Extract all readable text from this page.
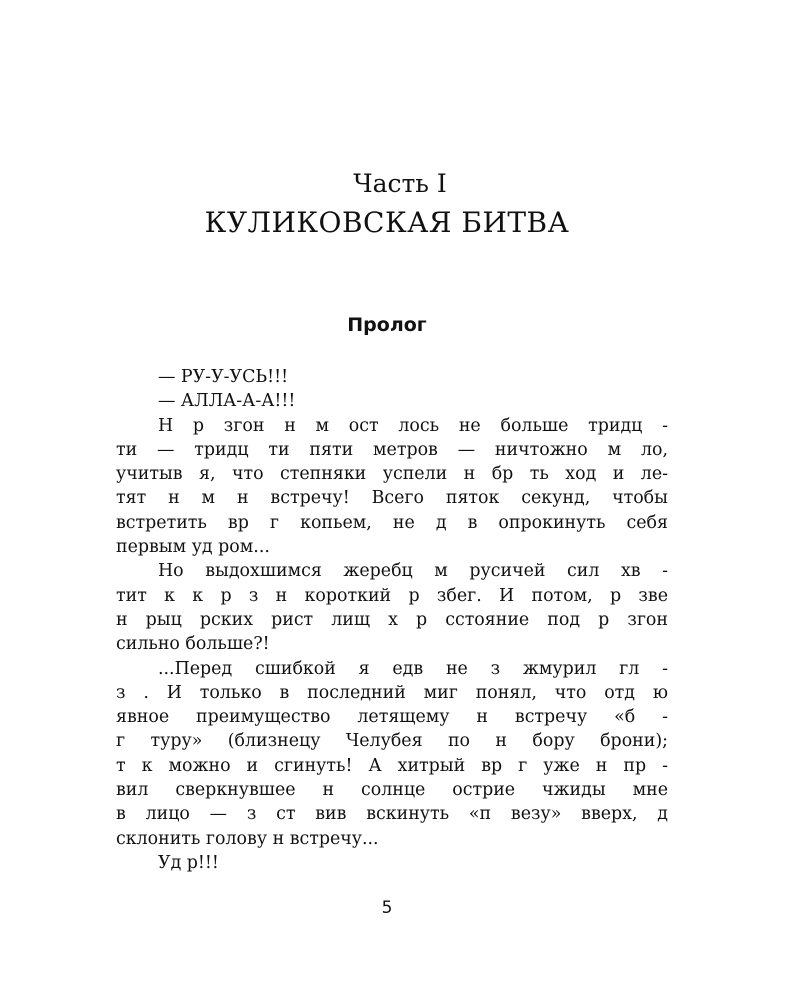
Часть I
КУЛИКОВСКАЯ БИТВА
Пролог
— РУ-У-УСЬ!!!
— АЛЛА-А-А!!!
Н р згон н м ост лось не больше тридц -
ти — тридц ти пяти метров — ничтожно м ло,
учитыв я, что степняки успели н бр ть ход и ле-
тят н м н встречу! Всего пяток секунд, чтобы
встретить вр г копьем, не д в опрокинуть себя
первым уд ром...
Но выдохшимся жеребц м русичей сил хв -
тит к к р з н короткий р збег. И потом, р зве
н рыц рских рист лищ х р сстояние под р згон
сильно больше?!
...Перед сшибкой я едв не з жмурил гл -
з . И только в последний миг понял, что отд ю
явное преимущество летящему н встречу «б -
г туру» (близнецу Челубея по н бору брони);
т к можно и сгинуть! А хитрый вр г уже н пр -
вил сверкнувшее н солнце острие чжиды мне
в лицо — з ст вив вскинуть «п везу» вверх, д
склонить голову н встречу...
Уд р!!!
5
